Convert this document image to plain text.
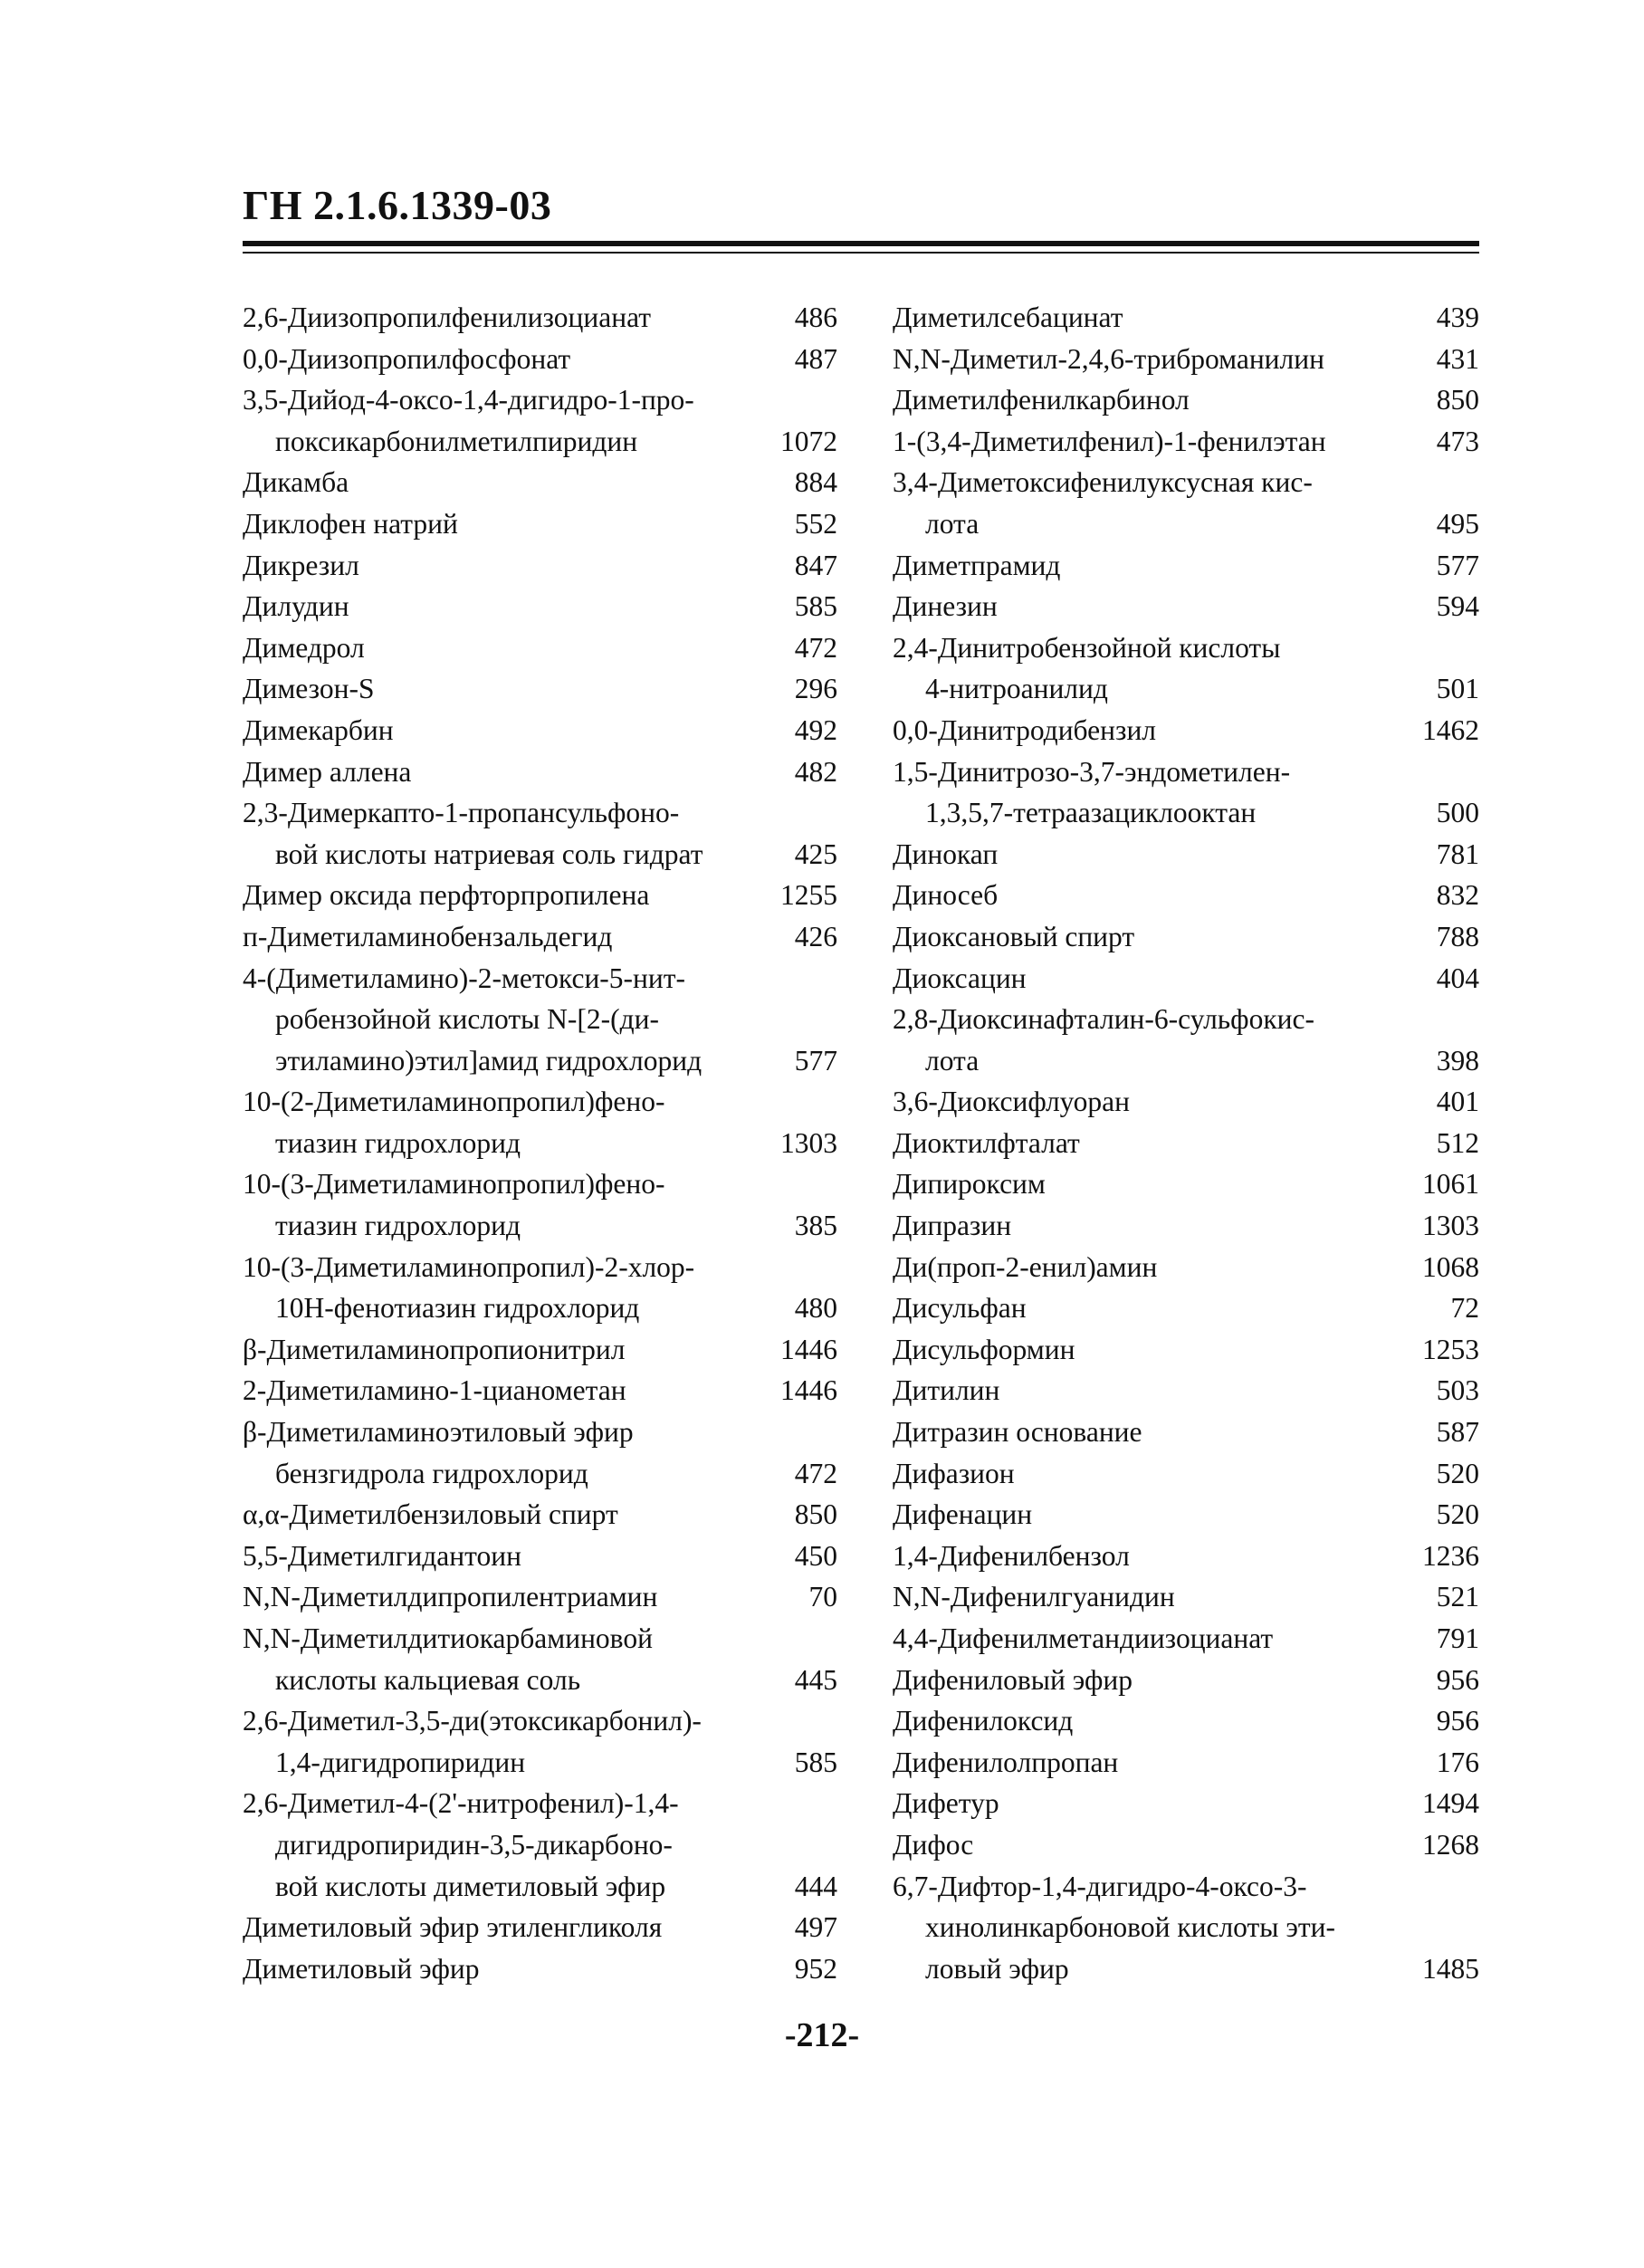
ГН 2.1.6.1339-03
2,6-Диизопропилфенилизоцианат	486
0,0-Диизопропилфосфонат	487
3,5-Дийод-4-оксо-1,4-дигидро-1-про-
поксикарбонилметилпиридин	1072
Дикамба	884
Диклофен натрий	552
Дикрезил	847
Дилудин	585
Димедрол	472
Димезон-S	296
Димекарбин	492
Димер аллена	482
2,3-Димеркапто-1-пропансульфоно-
вой кислоты натриевая соль гидрат	425
Димер оксида перфторпропилена	1255
п-Диметиламинобензальдегид	426
4-(Диметиламино)-2-метокси-5-нит-
робензойной кислоты N-[2-(ди-
этиламино)этил]амид гидрохлорид	577
10-(2-Диметиламинопропил)фено-
тиазин гидрохлорид	1303
10-(3-Диметиламинопропил)фено-
тиазин гидрохлорид	385
10-(3-Диметиламинопропил)-2-хлор-
10Н-фенотиазин гидрохлорид	480
β-Диметиламинопропионитрил	1446
2-Диметиламино-1-цианометан	1446
β-Диметиламиноэтиловый эфир
бензгидрола гидрохлорид	472
α,α-Диметилбензиловый спирт	850
5,5-Диметилгидантоин	450
N,N-Диметилдипропилентриамин	70
N,N-Диметилдитиокарбаминовой
кислоты кальциевая соль	445
2,6-Диметил-3,5-ди(этоксикарбонил)-
1,4-дигидропиридин	585
2,6-Диметил-4-(2'-нитрофенил)-1,4-
дигидропиридин-3,5-дикарбоно-
вой кислоты диметиловый эфир	444
Диметиловый эфир этиленгликоля	497
Диметиловый эфир	952
Диметилсебацинат	439
N,N-Диметил-2,4,6-триброманилин	431
Диметилфенилкарбинол	850
1-(3,4-Диметилфенил)-1-фенилэтан	473
3,4-Диметоксифенилуксусная кис-
лота	495
Диметпрамид	577
Динезин	594
2,4-Динитробензойной кислоты
4-нитроанилид	501
0,0-Динитродибензил	1462
1,5-Динитрозо-3,7-эндометилен-
1,3,5,7-тетраазациклооктан	500
Динокап	781
Диносеб	832
Диоксановый спирт	788
Диоксацин	404
2,8-Диоксинафталин-6-сульфокис-
лота	398
3,6-Диоксифлуоран	401
Диоктилфталат	512
Дипироксим	1061
Дипразин	1303
Ди(проп-2-енил)амин	1068
Дисульфан	72
Дисульформин	1253
Дитилин	503
Дитразин основание	587
Дифазион	520
Дифенацин	520
1,4-Дифенилбензол	1236
N,N-Дифенилгуанидин	521
4,4-Дифенилметандиизоцианат	791
Дифениловый эфир	956
Дифенилоксид	956
Дифенилолпропан	176
Дифетур	1494
Дифос	1268
6,7-Дифтор-1,4-дигидро-4-оксо-3-
хинолинкарбоновой кислоты эти-
ловый эфир	1485
-212-
